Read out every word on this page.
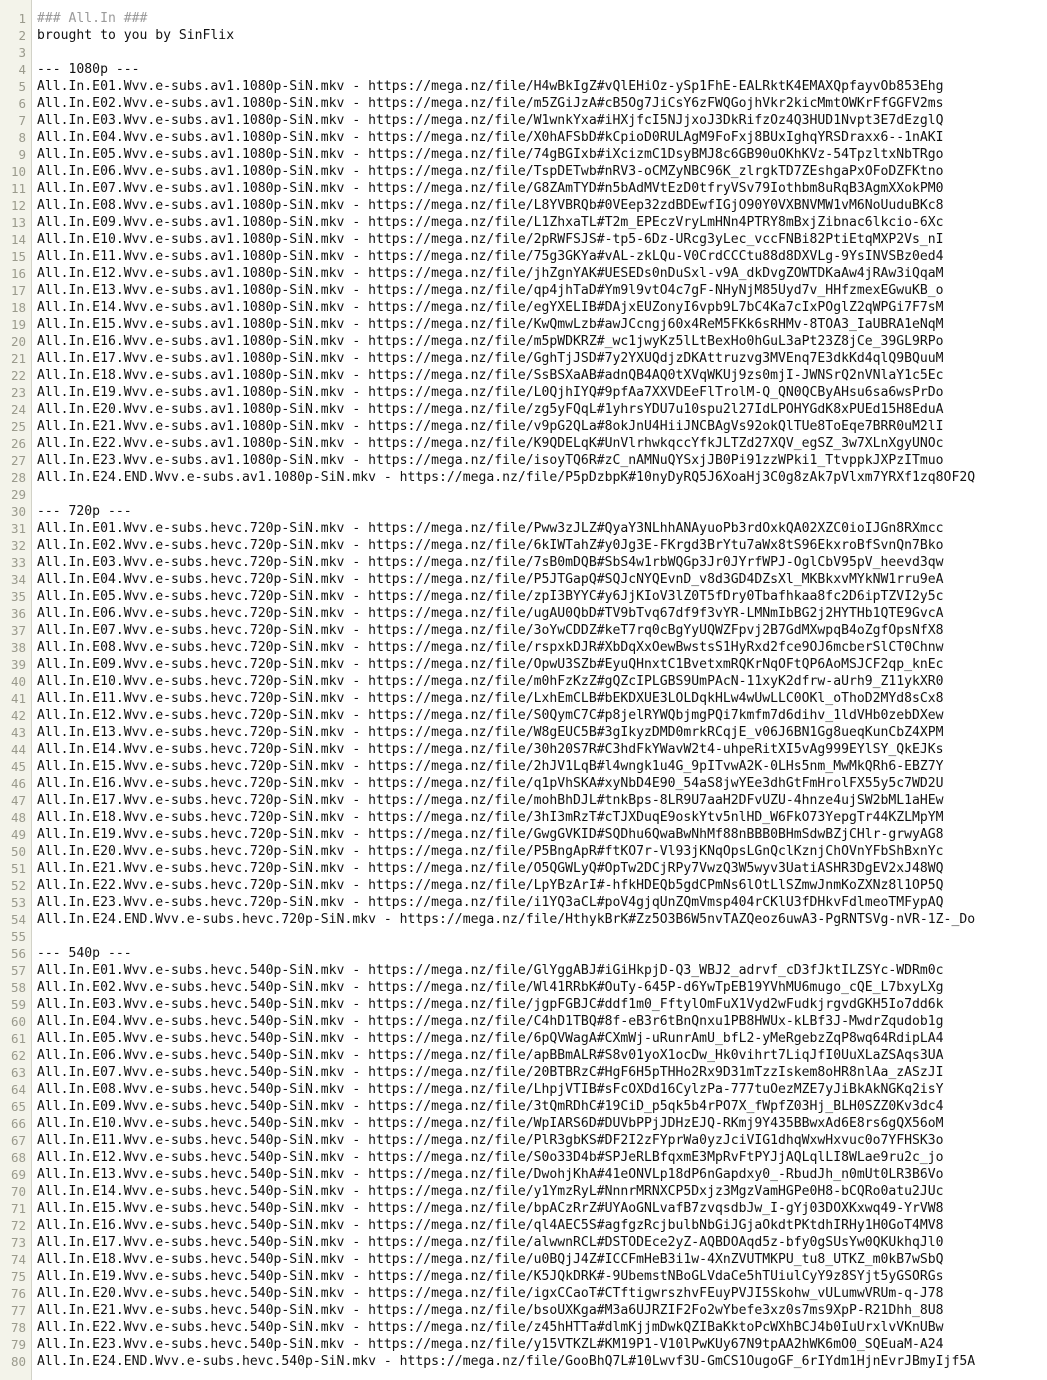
1
2
3
4
5
6
7
8
9
10
11
12
13
14
15
16
17
18
19
20
21
22
23
24
25
26
27
28
29
30
31
32
33
34
35
36
37
38
39
40
41
42
43
44
45
46
47
48
49
50
51
52
53
54
55
56
57
58
59
60
61
62
63
64
65
66
67
68
69
70
71
72
73
74
75
76
77
78
79
80
### All.In ###
brought to you by SinFlix
--- 1080p ---
All.In.E01.Wvv.e-subs.av1.1080p-SiN.mkv - https://mega.nz/file/H4wBkIgZ#vQlEHiOz-ySp1FhE-EALRktK4EMAXQpfayvOb853Ehg
All.In.E02.Wvv.e-subs.av1.1080p-SiN.mkv - https://mega.nz/file/m5ZGiJzA#cB5Og7JiCsY6zFWQGojhVkr2kicMmtOWKrFfGGFV2ms
All.In.E03.Wvv.e-subs.av1.1080p-SiN.mkv - https://mega.nz/file/W1wnkYxa#iHXjfcI5NJjxoJ3DkRifzOz4Q3HUD1Nvpt3E7dEzglQ
All.In.E04.Wvv.e-subs.av1.1080p-SiN.mkv - https://mega.nz/file/X0hAFSbD#kCpioD0RULAgM9FoFxj8BUxIghqYRSDraxx6--1nAKI
All.In.E05.Wvv.e-subs.av1.1080p-SiN.mkv - https://mega.nz/file/74gBGIxb#iXcizmC1DsyBMJ8c6GB90uOKhKVz-54TpzltxNbTRgo
All.In.E06.Wvv.e-subs.av1.1080p-SiN.mkv - https://mega.nz/file/TspDETwb#nRV3-oCMZyNBC96K_zlrgkTD7ZEshgaPxOFoDZFKtno
All.In.E07.Wvv.e-subs.av1.1080p-SiN.mkv - https://mega.nz/file/G8ZAmTYD#n5bAdMVtEzD0tfryVSv79Iothbm8uRqB3AgmXXokPM0
All.In.E08.Wvv.e-subs.av1.1080p-SiN.mkv - https://mega.nz/file/L8YVBRQb#0VEep32zdBDEwfIGjO90Y0VXBNVMW1vM6NoUuduBKc8
All.In.E09.Wvv.e-subs.av1.1080p-SiN.mkv - https://mega.nz/file/L1ZhxaTL#T2m_EPEczVryLmHNn4PTRY8mBxjZibnac6lkcio-6Xc
All.In.E10.Wvv.e-subs.av1.1080p-SiN.mkv - https://mega.nz/file/2pRWFSJS#-tp5-6Dz-URcg3yLec_vccFNBi82PtiEtqMXP2Vs_nI
All.In.E11.Wvv.e-subs.av1.1080p-SiN.mkv - https://mega.nz/file/75g3GKYa#vAL-zkLQu-V0CrdCCCtu88d8DXVLg-9YsINVSBz0ed4
All.In.E12.Wvv.e-subs.av1.1080p-SiN.mkv - https://mega.nz/file/jhZgnYAK#UESEDs0nDuSxl-v9A_dkDvgZOWTDKaAw4jRAw3iQqaM
All.In.E13.Wvv.e-subs.av1.1080p-SiN.mkv - https://mega.nz/file/qp4jhTaD#Ym9l9vtO4c7gF-NHyNjM85Uyd7v_HHfzmexEGwuKB_o
All.In.E14.Wvv.e-subs.av1.1080p-SiN.mkv - https://mega.nz/file/egYXELIB#DAjxEUZonyI6vpb9L7bC4Ka7cIxPOglZ2qWPGi7F7sM
All.In.E15.Wvv.e-subs.av1.1080p-SiN.mkv - https://mega.nz/file/KwQmwLzb#awJCcngj60x4ReM5FKk6sRHMv-8TOA3_IaUBRA1eNqM
All.In.E16.Wvv.e-subs.av1.1080p-SiN.mkv - https://mega.nz/file/m5pWDKRZ#_wc1jwyKz5lLtBexHo0hGuL3aPt23Z8jCe_39GL9RPo
All.In.E17.Wvv.e-subs.av1.1080p-SiN.mkv - https://mega.nz/file/GghTjJSD#7y2YXUQdjzDKAttruzvg3MVEnq7E3dkKd4qlQ9BQuuM
All.In.E18.Wvv.e-subs.av1.1080p-SiN.mkv - https://mega.nz/file/SsBSXaAB#adnQB4AQ0tXVqWKUj9zs0mjI-JWNSrQ2nVNlaY1c5Ec
All.In.E19.Wvv.e-subs.av1.1080p-SiN.mkv - https://mega.nz/file/L0QjhIYQ#9pfAa7XXVDEeFlTrolM-Q_QN0QCByAHsu6sa6wsPrDo
All.In.E20.Wvv.e-subs.av1.1080p-SiN.mkv - https://mega.nz/file/zg5yFQqL#1yhrsYDU7u10spu2l27IdLPOHYGdK8xPUEd15H8EduA
All.In.E21.Wvv.e-subs.av1.1080p-SiN.mkv - https://mega.nz/file/v9pG2QLa#8okJnU4HiiJNCBAgVs92okQlTUe8ToEqe7BRR0uM2lI
All.In.E22.Wvv.e-subs.av1.1080p-SiN.mkv - https://mega.nz/file/K9QDELqK#UnVlrhwkqccYfkJLTZd27XQV_egSZ_3w7XLnXgyUNOc
All.In.E23.Wvv.e-subs.av1.1080p-SiN.mkv - https://mega.nz/file/isoyTQ6R#zC_nAMNuQYSxjJB0Pi91zzWPki1_TtvppkJXPzITmuo
All.In.E24.END.Wvv.e-subs.av1.1080p-SiN.mkv - https://mega.nz/file/P5pDzbpK#10nyDyRQ5J6XoaHj3C0g8zAk7pVlxm7YRXf1zq8OF2Q
--- 720p ---
All.In.E01.Wvv.e-subs.hevc.720p-SiN.mkv - https://mega.nz/file/Pww3zJLZ#QyaY3NLhhANAyuoPb3rdOxkQA02XZC0ioIJGn8RXmcc
All.In.E02.Wvv.e-subs.hevc.720p-SiN.mkv - https://mega.nz/file/6kIWTahZ#y0Jg3E-FKrgd3BrYtu7aWx8tS96EkxroBfSvnQn7Bko
All.In.E03.Wvv.e-subs.hevc.720p-SiN.mkv - https://mega.nz/file/7sB0mDQB#SbS4w1rbWQGp3Jr0JYrfWPJ-OglCbV95pV_heevd3qw
All.In.E04.Wvv.e-subs.hevc.720p-SiN.mkv - https://mega.nz/file/P5JTGapQ#SQJcNYQEvnD_v8d3GD4DZsXl_MKBkxvMYkNW1rru9eA
All.In.E05.Wvv.e-subs.hevc.720p-SiN.mkv - https://mega.nz/file/zpI3BYYC#y6JjKIoV3lZ0T5fDry0Tbafhkaa8fc2D6ipTZVI2y5c
All.In.E06.Wvv.e-subs.hevc.720p-SiN.mkv - https://mega.nz/file/ugAU0QbD#TV9bTvq67df9f3vYR-LMNmIbBG2j2HYTHb1QTE9GvcA
All.In.E07.Wvv.e-subs.hevc.720p-SiN.mkv - https://mega.nz/file/3oYwCDDZ#keT7rq0cBgYyUQWZFpvj2B7GdMXwpqB4oZgfOpsNfX8
All.In.E08.Wvv.e-subs.hevc.720p-SiN.mkv - https://mega.nz/file/rspxkDJR#XbDqXxOewBwstsS1HyRxd2fce9OJ6mcberSlCT0Chnw
All.In.E09.Wvv.e-subs.hevc.720p-SiN.mkv - https://mega.nz/file/OpwU3SZb#EyuQHnxtC1BvetxmRQKrNqOFtQP6AoMSJCF2qp_knEc
All.In.E10.Wvv.e-subs.hevc.720p-SiN.mkv - https://mega.nz/file/m0hFzKzZ#gQZcIPLGBS9UmPAcN-11xyK2dfrw-aUrh9_Z11ykXR0
All.In.E11.Wvv.e-subs.hevc.720p-SiN.mkv - https://mega.nz/file/LxhEmCLB#bEKDXUE3LOLDqkHLw4wUwLLC0OKl_oThoD2MYd8sCx8
All.In.E12.Wvv.e-subs.hevc.720p-SiN.mkv - https://mega.nz/file/S0QymC7C#p8jelRYWQbjmgPQi7kmfm7d6dihv_1ldVHb0zebDXew
All.In.E13.Wvv.e-subs.hevc.720p-SiN.mkv - https://mega.nz/file/W8gEUC5B#3gIkyzDMD0mrkRCqjE_v06J6BN1Gg8ueqKunCbZ4XPM
All.In.E14.Wvv.e-subs.hevc.720p-SiN.mkv - https://mega.nz/file/30h20S7R#C3hdFkYWavW2t4-uhpeRitXI5vAg999EYlSY_QkEJKs
All.In.E15.Wvv.e-subs.hevc.720p-SiN.mkv - https://mega.nz/file/2hJV1LqB#l4wngk1u4G_9pITvwA2K-0LHs5nm_MwMkQRh6-EBZ7Y
All.In.E16.Wvv.e-subs.hevc.720p-SiN.mkv - https://mega.nz/file/q1pVhSKA#xyNbD4E90_54aS8jwYEe3dhGtFmHrolFX55y5c7WD2U
All.In.E17.Wvv.e-subs.hevc.720p-SiN.mkv - https://mega.nz/file/mohBhDJL#tnkBps-8LR9U7aaH2DFvUZU-4hnze4ujSW2bML1aHEw
All.In.E18.Wvv.e-subs.hevc.720p-SiN.mkv - https://mega.nz/file/3hI3mRzT#cTJXDuqE9oskYtv5nlHD_W6FkO73YepgTr44KZLMpYM
All.In.E19.Wvv.e-subs.hevc.720p-SiN.mkv - https://mega.nz/file/GwgGVKID#SQDhu6QwaBwNhMf88nBBB0BHmSdwBZjCHlr-grwyAG8
All.In.E20.Wvv.e-subs.hevc.720p-SiN.mkv - https://mega.nz/file/P5BngApR#ftKO7r-Vl93jKNqOpsLGnQclKznjChOVnYFbShBxnYc
All.In.E21.Wvv.e-subs.hevc.720p-SiN.mkv - https://mega.nz/file/O5QGWLyQ#OpTw2DCjRPy7VwzQ3W5wyv3UatiASHR3DgEV2xJ48WQ
All.In.E22.Wvv.e-subs.hevc.720p-SiN.mkv - https://mega.nz/file/LpYBzArI#-hfkHDEQb5gdCPmNs6lOtLlSZmwJnmKoZXNz8l1OP5Q
All.In.E23.Wvv.e-subs.hevc.720p-SiN.mkv - https://mega.nz/file/i1YQ3aCL#poV4gjqUnZQmVmsp404rCKlU3fDHkvFdlmeoTMFypAQ
All.In.E24.END.Wvv.e-subs.hevc.720p-SiN.mkv - https://mega.nz/file/HthykBrK#Zz5O3B6W5nvTAZQeoz6uwA3-PgRNTSVg-nVR-1Z-_Do
--- 540p ---
All.In.E01.Wvv.e-subs.hevc.540p-SiN.mkv - https://mega.nz/file/GlYggABJ#iGiHkpjD-Q3_WBJ2_adrvf_cD3fJktILZSYc-WDRm0c
All.In.E02.Wvv.e-subs.hevc.540p-SiN.mkv - https://mega.nz/file/Wl41RRbK#OuTy-645P-d6YwTpEB19YVhMU6mugo_cQE_L7bxyLXg
All.In.E03.Wvv.e-subs.hevc.540p-SiN.mkv - https://mega.nz/file/jgpFGBJC#ddf1m0_FftylOmFuX1Vyd2wFudkjrgvdGKH5Io7dd6k
All.In.E04.Wvv.e-subs.hevc.540p-SiN.mkv - https://mega.nz/file/C4hD1TBQ#8f-eB3r6tBnQnxu1PB8HWUx-kLBf3J-MwdrZqudob1g
All.In.E05.Wvv.e-subs.hevc.540p-SiN.mkv - https://mega.nz/file/6pQVWagA#CXmWj-uRunrAmU_bfL2-yMeRgebzZqP8wq64RdipLA4
All.In.E06.Wvv.e-subs.hevc.540p-SiN.mkv - https://mega.nz/file/apBBmALR#S8v01yoX1ocDw_Hk0vihrt7LiqJfI0UuXLaZSAqs3UA
All.In.E07.Wvv.e-subs.hevc.540p-SiN.mkv - https://mega.nz/file/20BTBRzC#HgF6H5pTHHo2Rx9D31mTzzIskem8oHR8nlAa_zASzJI
All.In.E08.Wvv.e-subs.hevc.540p-SiN.mkv - https://mega.nz/file/LhpjVTIB#sFcOXDd16CylzPa-777tuOezMZE7yJiBkAkNGKq2isY
All.In.E09.Wvv.e-subs.hevc.540p-SiN.mkv - https://mega.nz/file/3tQmRDhC#19CiD_p5qk5b4rPO7X_fWpfZ03Hj_BLH0SZZ0Kv3dc4
All.In.E10.Wvv.e-subs.hevc.540p-SiN.mkv - https://mega.nz/file/WpIARS6D#DUVbPPjJDHzEJQ-RKmj9Y435BBwxAd6E8rs6gQX56oM
All.In.E11.Wvv.e-subs.hevc.540p-SiN.mkv - https://mega.nz/file/PlR3gbKS#DF2I2zFYprWa0yzJciVIG1dhqWxwHxvuc0o7YFHSK3o
All.In.E12.Wvv.e-subs.hevc.540p-SiN.mkv - https://mega.nz/file/S0o33D4b#SPJeRLBfqxmE3MpRvFtPYJjAQLqlLI8WLae9ru2c_jo
All.In.E13.Wvv.e-subs.hevc.540p-SiN.mkv - https://mega.nz/file/DwohjKhA#41eONVLp18dP6nGapdxy0_-RbudJh_n0mUt0LR3B6Vo
All.In.E14.Wvv.e-subs.hevc.540p-SiN.mkv - https://mega.nz/file/y1YmzRyL#NnnrMRNXCP5Dxjz3MgzVamHGPe0H8-bCQRo0atu2JUc
All.In.E15.Wvv.e-subs.hevc.540p-SiN.mkv - https://mega.nz/file/bpACzRrZ#UYAoGNLvafB7zvqsdbJw_I-gYj03DOXKxwq49-YrVW8
All.In.E16.Wvv.e-subs.hevc.540p-SiN.mkv - https://mega.nz/file/ql4AEC5S#agfgzRcjbulbNbGiJGjaOkdtPKtdhIRHy1H0GoT4MV8
All.In.E17.Wvv.e-subs.hevc.540p-SiN.mkv - https://mega.nz/file/alwwnRCL#DSTODEce2yZ-AQBDOAqd5z-bfy0gSUsYw0QKUkhqJl0
All.In.E18.Wvv.e-subs.hevc.540p-SiN.mkv - https://mega.nz/file/u0BQjJ4Z#ICCFmHeB3i1w-4XnZVUTMKPU_tu8_UTKZ_m0kB7wSbQ
All.In.E19.Wvv.e-subs.hevc.540p-SiN.mkv - https://mega.nz/file/K5JQkDRK#-9UbemstNBoGLVdaCe5hTUiulCyY9z8SYjt5yGSORGs
All.In.E20.Wvv.e-subs.hevc.540p-SiN.mkv - https://mega.nz/file/igxCCaoT#CTftigwrszhvFEuyPVJI5Skohw_vULumwVRUm-q-J78
All.In.E21.Wvv.e-subs.hevc.540p-SiN.mkv - https://mega.nz/file/bsoUXKga#M3a6UJRZIF2Fo2wYbefe3xz0s7ms9XpP-R21Dhh_8U8
All.In.E22.Wvv.e-subs.hevc.540p-SiN.mkv - https://mega.nz/file/z45hHTTa#dlmKjjmDwkQZIBaKktoPcWXhBCJ4b0IuUrxlvVKnUBw
All.In.E23.Wvv.e-subs.hevc.540p-SiN.mkv - https://mega.nz/file/y15VTKZL#KM19P1-V10lPwKUy67N9tpAA2hWK6mO0_SQEuaM-A24
All.In.E24.END.Wvv.e-subs.hevc.540p-SiN.mkv - https://mega.nz/file/GooBhQ7L#10Lwvf3U-GmCS1OugoGF_6rIYdm1HjnEvrJBmyIjf5A
